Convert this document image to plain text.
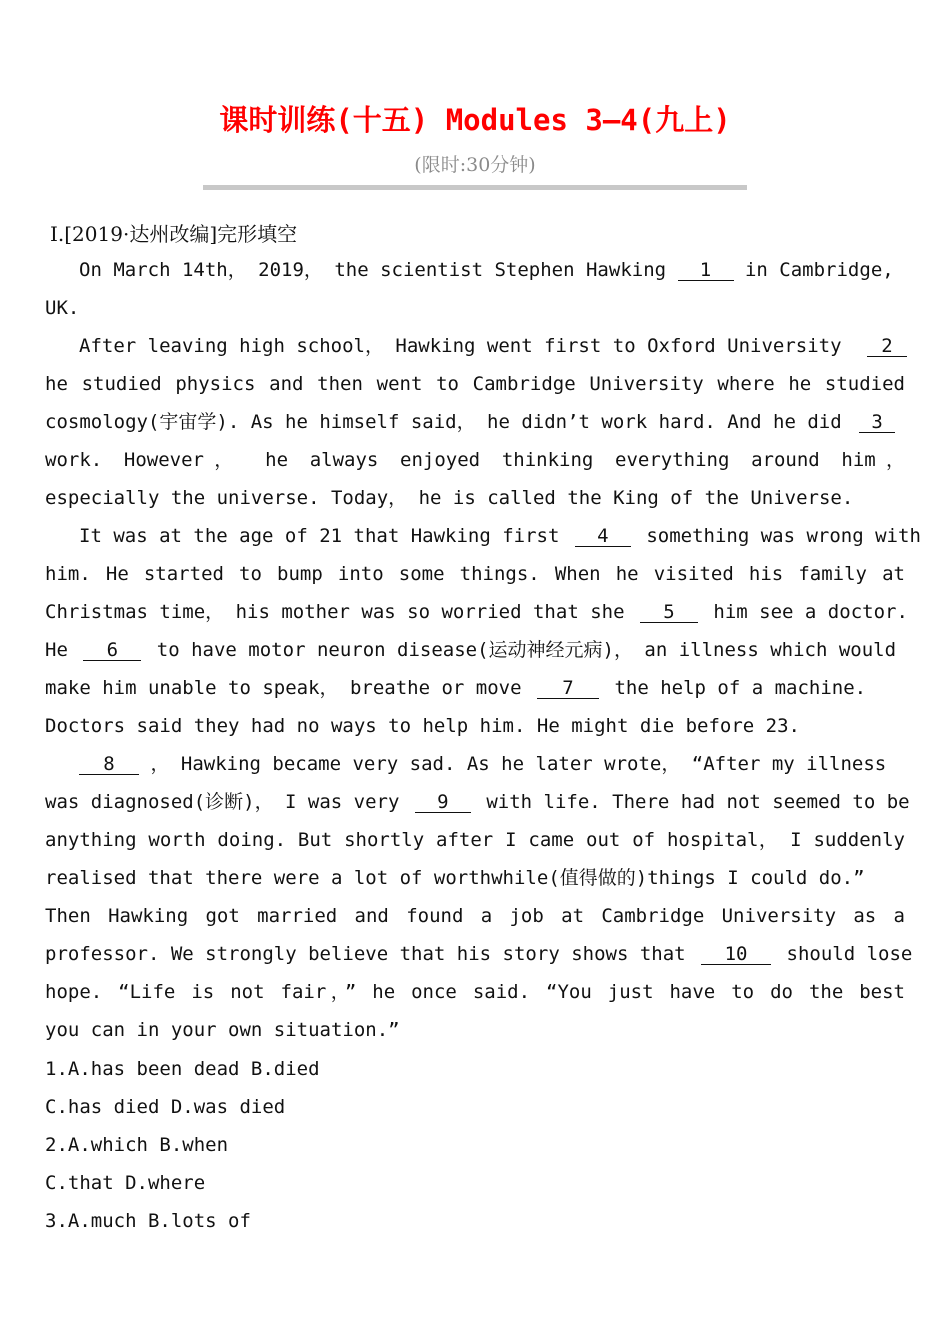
课时训练(十五) Modules 3—4(九上)
(限时:30分钟)
Ⅰ.[2019·达州改编]完形填空
On March 14th， 2019， the scientist Stephen Hawking 1 in Cambridge,
UK.
After leaving high school， Hawking went first to Oxford University 2
he studied physics and then went to Cambridge University where he studied
cosmology(宇宙学). As he himself said， he didn’t work hard. And he did 3
work. However， he always enjoyed thinking everything around him，
especially the universe. Today， he is called the King of the Universe.
It was at the age of 21 that Hawking first 4 something was wrong with
him. He started to bump into some things. When he visited his family at
Christmas time， his mother was so worried that she 5 him see a doctor.
He 6 to have motor neuron disease(运动神经元病)， an illness which would
make him unable to speak， breathe or move 7 the help of a machine.
Doctors said they had no ways to help him. He might die before 23.
8 ， Hawking became very sad. As he later wrote， “After my illness
was diagnosed(诊断)， I was very 9 with life. There had not seemed to be
anything worth doing. But shortly after I came out of hospital， I suddenly
realised that there were a lot of worthwhile(值得做的)things I could do.”
Then Hawking got married and found a job at Cambridge University as a
professor. We strongly believe that his story shows that 10 should lose
hope. “Life is not fair，” he once said. “You just have to do the best
you can in your own situation.”
1.A.has been dead B.died
C.has died D.was died
2.A.which B.when
C.that D.where
3.A.much B.lots of
